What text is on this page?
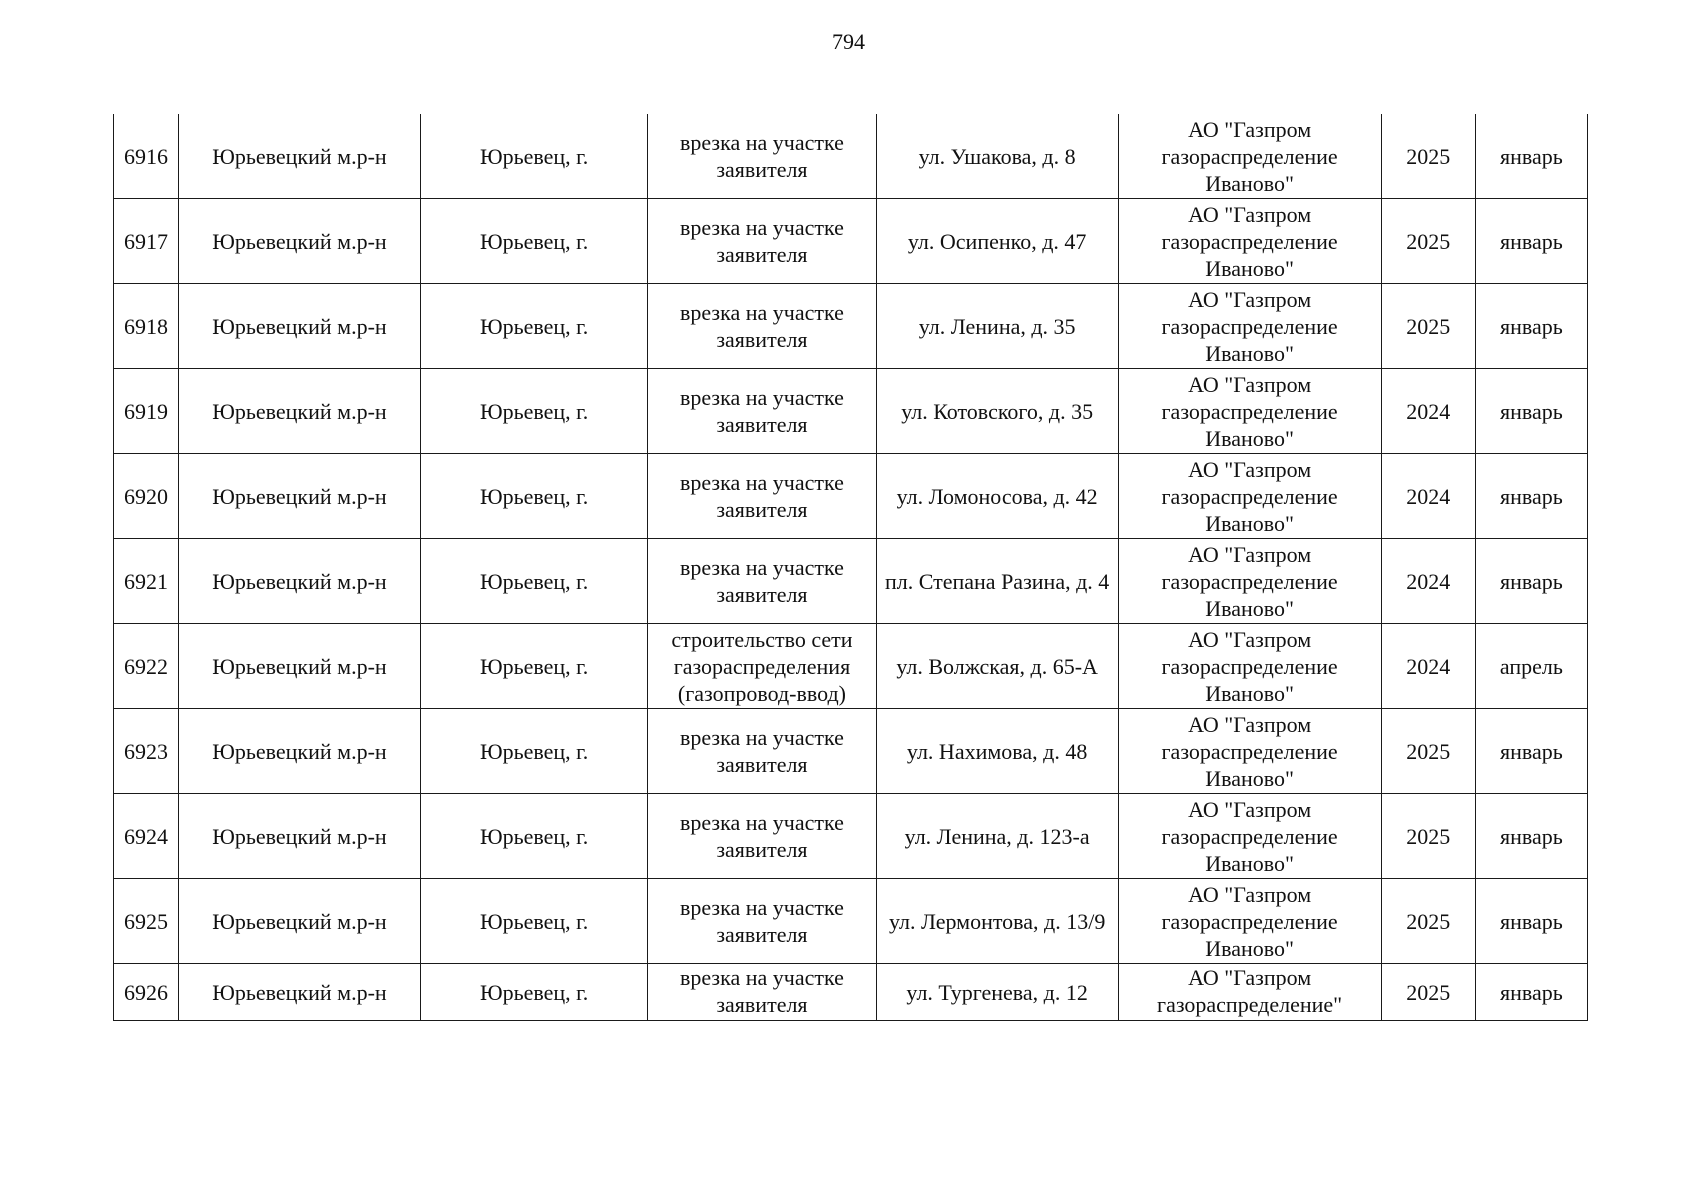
794
6916	Юрьевецкий м.р-н	Юрьевец, г.	врезка на участке заявителя	ул. Ушакова, д. 8	АО "Газпром газораспределение Иваново"	2025	январь
6917	Юрьевецкий м.р-н	Юрьевец, г.	врезка на участке заявителя	ул. Осипенко, д. 47	АО "Газпром газораспределение Иваново"	2025	январь
6918	Юрьевецкий м.р-н	Юрьевец, г.	врезка на участке заявителя	ул. Ленина, д. 35	АО "Газпром газораспределение Иваново"	2025	январь
6919	Юрьевецкий м.р-н	Юрьевец, г.	врезка на участке заявителя	ул. Котовского, д. 35	АО "Газпром газораспределение Иваново"	2024	январь
6920	Юрьевецкий м.р-н	Юрьевец, г.	врезка на участке заявителя	ул. Ломоносова, д. 42	АО "Газпром газораспределение Иваново"	2024	январь
6921	Юрьевецкий м.р-н	Юрьевец, г.	врезка на участке заявителя	пл. Степана Разина, д. 4	АО "Газпром газораспределение Иваново"	2024	январь
6922	Юрьевецкий м.р-н	Юрьевец, г.	строительство сети газораспределения (газопровод-ввод)	ул. Волжская, д. 65-А	АО "Газпром газораспределение Иваново"	2024	апрель
6923	Юрьевецкий м.р-н	Юрьевец, г.	врезка на участке заявителя	ул. Нахимова, д. 48	АО "Газпром газораспределение Иваново"	2025	январь
6924	Юрьевецкий м.р-н	Юрьевец, г.	врезка на участке заявителя	ул. Ленина, д. 123-а	АО "Газпром газораспределение Иваново"	2025	январь
6925	Юрьевецкий м.р-н	Юрьевец, г.	врезка на участке заявителя	ул. Лермонтова, д. 13/9	АО "Газпром газораспределение Иваново"	2025	январь
6926	Юрьевецкий м.р-н	Юрьевец, г.	врезка на участке заявителя	ул. Тургенева, д. 12	АО "Газпром газораспределение"	2025	январь
